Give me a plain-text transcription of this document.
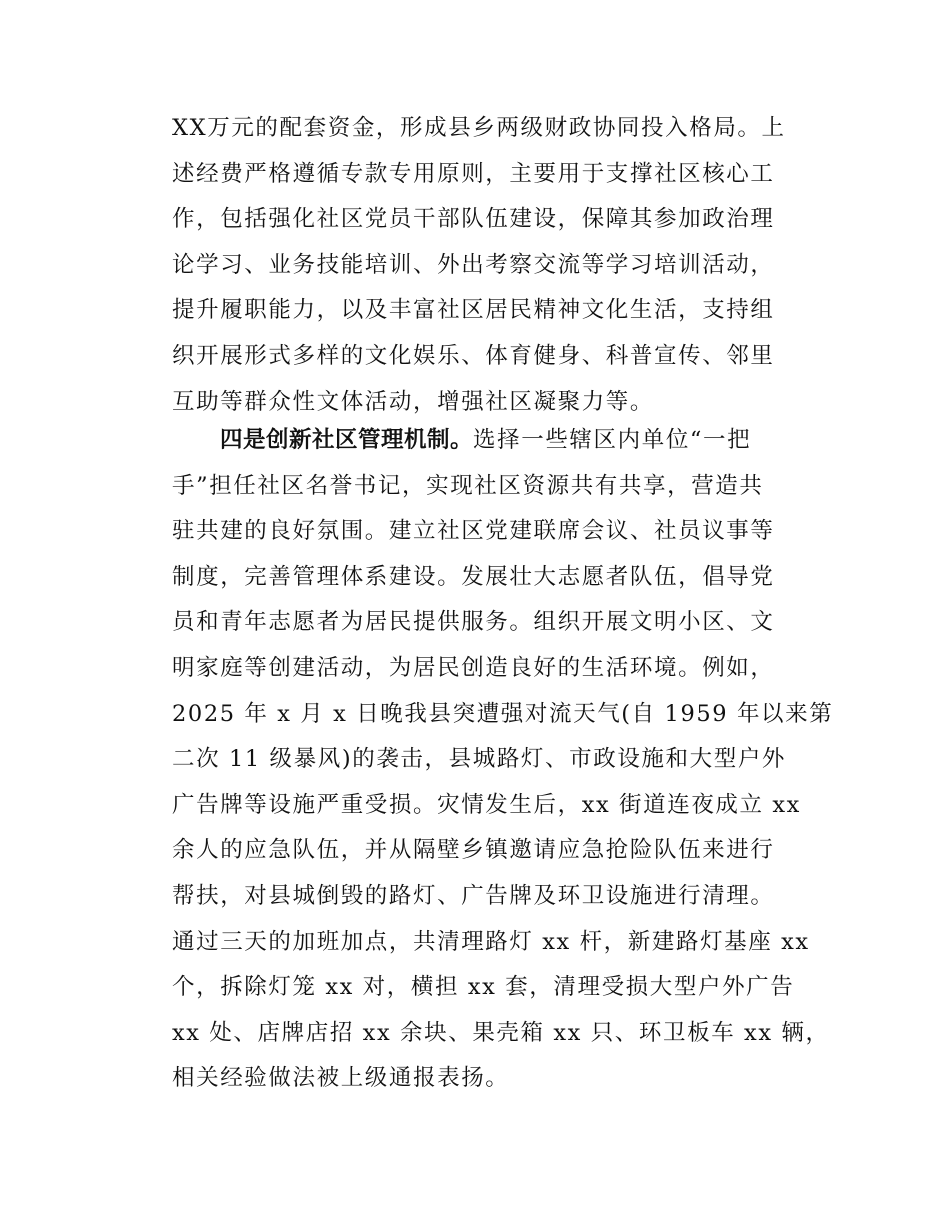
XX万元的配套资金，形成县乡两级财政协同投入格局。上
述经费严格遵循专款专用原则，主要用于支撑社区核心工
作，包括强化社区党员干部队伍建设，保障其参加政治理
论学习、业务技能培训、外出考察交流等学习培训活动，
提升履职能力，以及丰富社区居民精神文化生活，支持组
织开展形式多样的文化娱乐、体育健身、科普宣传、邻里
互助等群众性文体活动，增强社区凝聚力等。
四是创新社区管理机制。选择一些辖区内单位“一把
手”担任社区名誉书记，实现社区资源共有共享，营造共
驻共建的良好氛围。建立社区党建联席会议、社员议事等
制度，完善管理体系建设。发展壮大志愿者队伍，倡导党
员和青年志愿者为居民提供服务。组织开展文明小区、文
明家庭等创建活动，为居民创造良好的生活环境。例如，
2025 年 x 月 x 日晚我县突遭强对流天气(自 1959 年以来第
二次 11 级暴风)的袭击，县城路灯、市政设施和大型户外
广告牌等设施严重受损。灾情发生后，xx 街道连夜成立 xx
余人的应急队伍，并从隔壁乡镇邀请应急抢险队伍来进行
帮扶，对县城倒毁的路灯、广告牌及环卫设施进行清理。
通过三天的加班加点，共清理路灯 xx 杆，新建路灯基座 xx
个，拆除灯笼 xx 对，横担 xx 套，清理受损大型户外广告
xx 处、店牌店招 xx 余块、果壳箱 xx 只、环卫板车 xx 辆，
相关经验做法被上级通报表扬。
